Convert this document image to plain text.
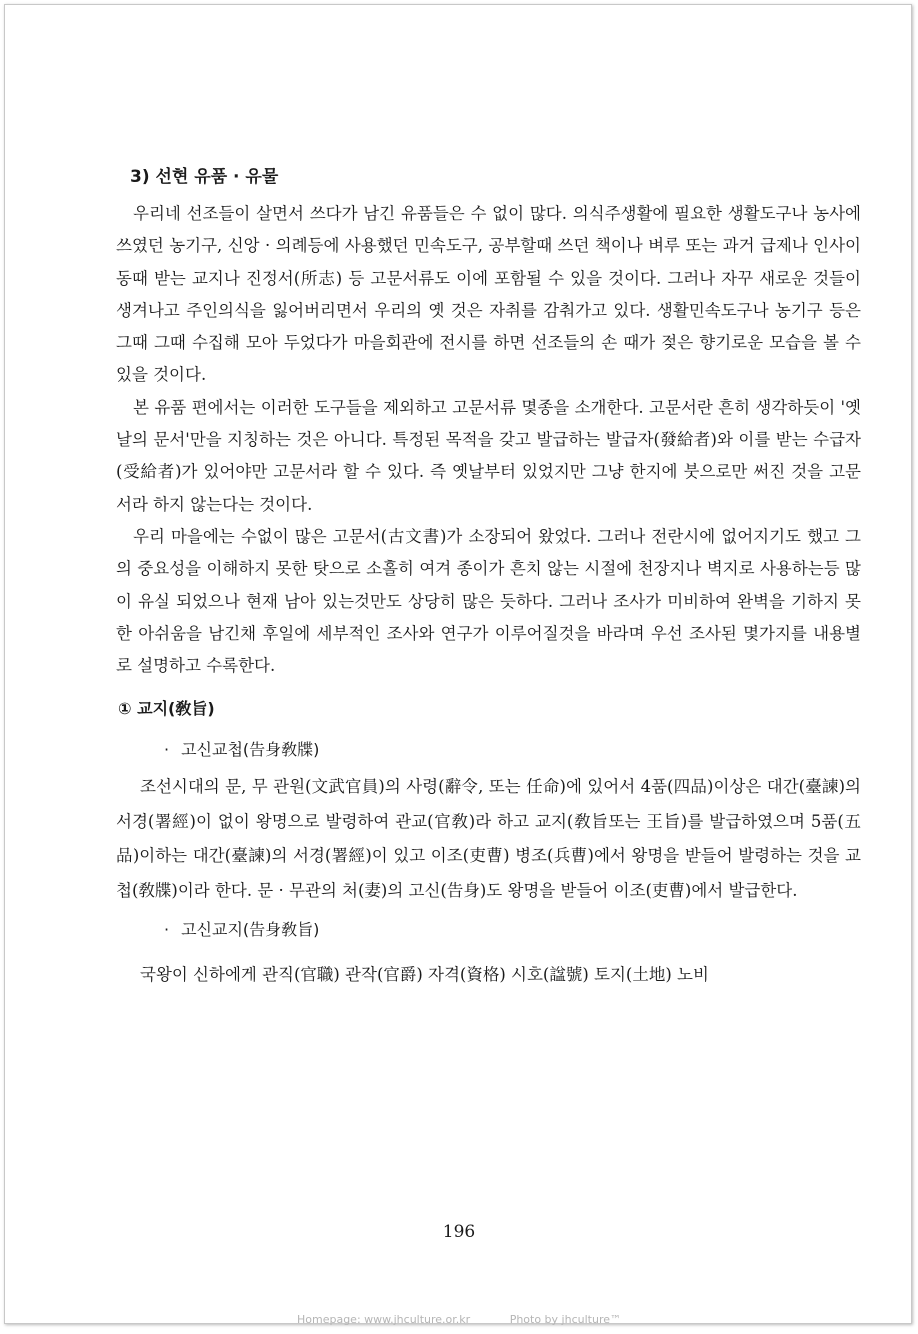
3) 선현 유품 · 유물

우리네 선조들이 살면서 쓰다가 남긴 유품들은 수 없이 많다. 의식주생활에 필요한 생활도구나 농사에 쓰였던 농기구, 신앙 · 의례등에 사용했던 민속도구, 공부할때 쓰던 책이나 벼루 또는 과거 급제나 인사이동때 받는 교지나 진정서(所志) 등 고문서류도 이에 포함될 수 있을 것이다. 그러나 자꾸 새로운 것들이 생겨나고 주인의식을 잃어버리면서 우리의 옛 것은 자취를 감춰가고 있다. 생활민속도구나 농기구 등은 그때 그때 수집해 모아 두었다가 마을회관에 전시를 하면 선조들의 손 때가 젖은 향기로운 모습을 볼 수 있을 것이다.

본 유품 편에서는 이러한 도구들을 제외하고 고문서류 몇종을 소개한다. 고문서란 흔히 생각하듯이 '옛날의 문서'만을 지칭하는 것은 아니다. 특정된 목적을 갖고 발급하는 발급자(發給者)와 이를 받는 수급자(受給者)가 있어야만 고문서라 할 수 있다. 즉 옛날부터 있었지만 그냥 한지에 붓으로만 써진 것을 고문서라 하지 않는다는 것이다.

우리 마을에는 수없이 많은 고문서(古文書)가 소장되어 왔었다. 그러나 전란시에 없어지기도 했고 그의 중요성을 이해하지 못한 탓으로 소홀히 여겨 종이가 흔치 않는 시절에 천장지나 벽지로 사용하는등 많이 유실 되었으나 현재 남아 있는것만도 상당히 많은 듯하다. 그러나 조사가 미비하여 완벽을 기하지 못한 아쉬움을 남긴채 후일에 세부적인 조사와 연구가 이루어질것을 바라며 우선 조사된 몇가지를 내용별로 설명하고 수록한다.

① 교지(敎旨)
· 고신교첩(告身敎牒)

조선시대의 문, 무 관원(文武官員)의 사령(辭令, 또는 任命)에 있어서 4품(四品)이상은 대간(臺諫)의 서경(署經)이 없이 왕명으로 발령하여 관교(官敎)라 하고 교지(敎旨또는 王旨)를 발급하였으며 5품(五品)이하는 대간(臺諫)의 서경(署經)이 있고 이조(吏曹) 병조(兵曹)에서 왕명을 받들어 발령하는 것을 교첩(敎牒)이라 한다. 문 · 무관의 처(妻)의 고신(告身)도 왕명을 받들어 이조(吏曹)에서 발급한다.

· 고신교지(告身敎旨)

국왕이 신하에게 관직(官職) 관작(官爵) 자격(資格) 시호(諡號) 토지(土地) 노비

196
Homepage: www.jhculture.or.kr	Photo by jhculture™
